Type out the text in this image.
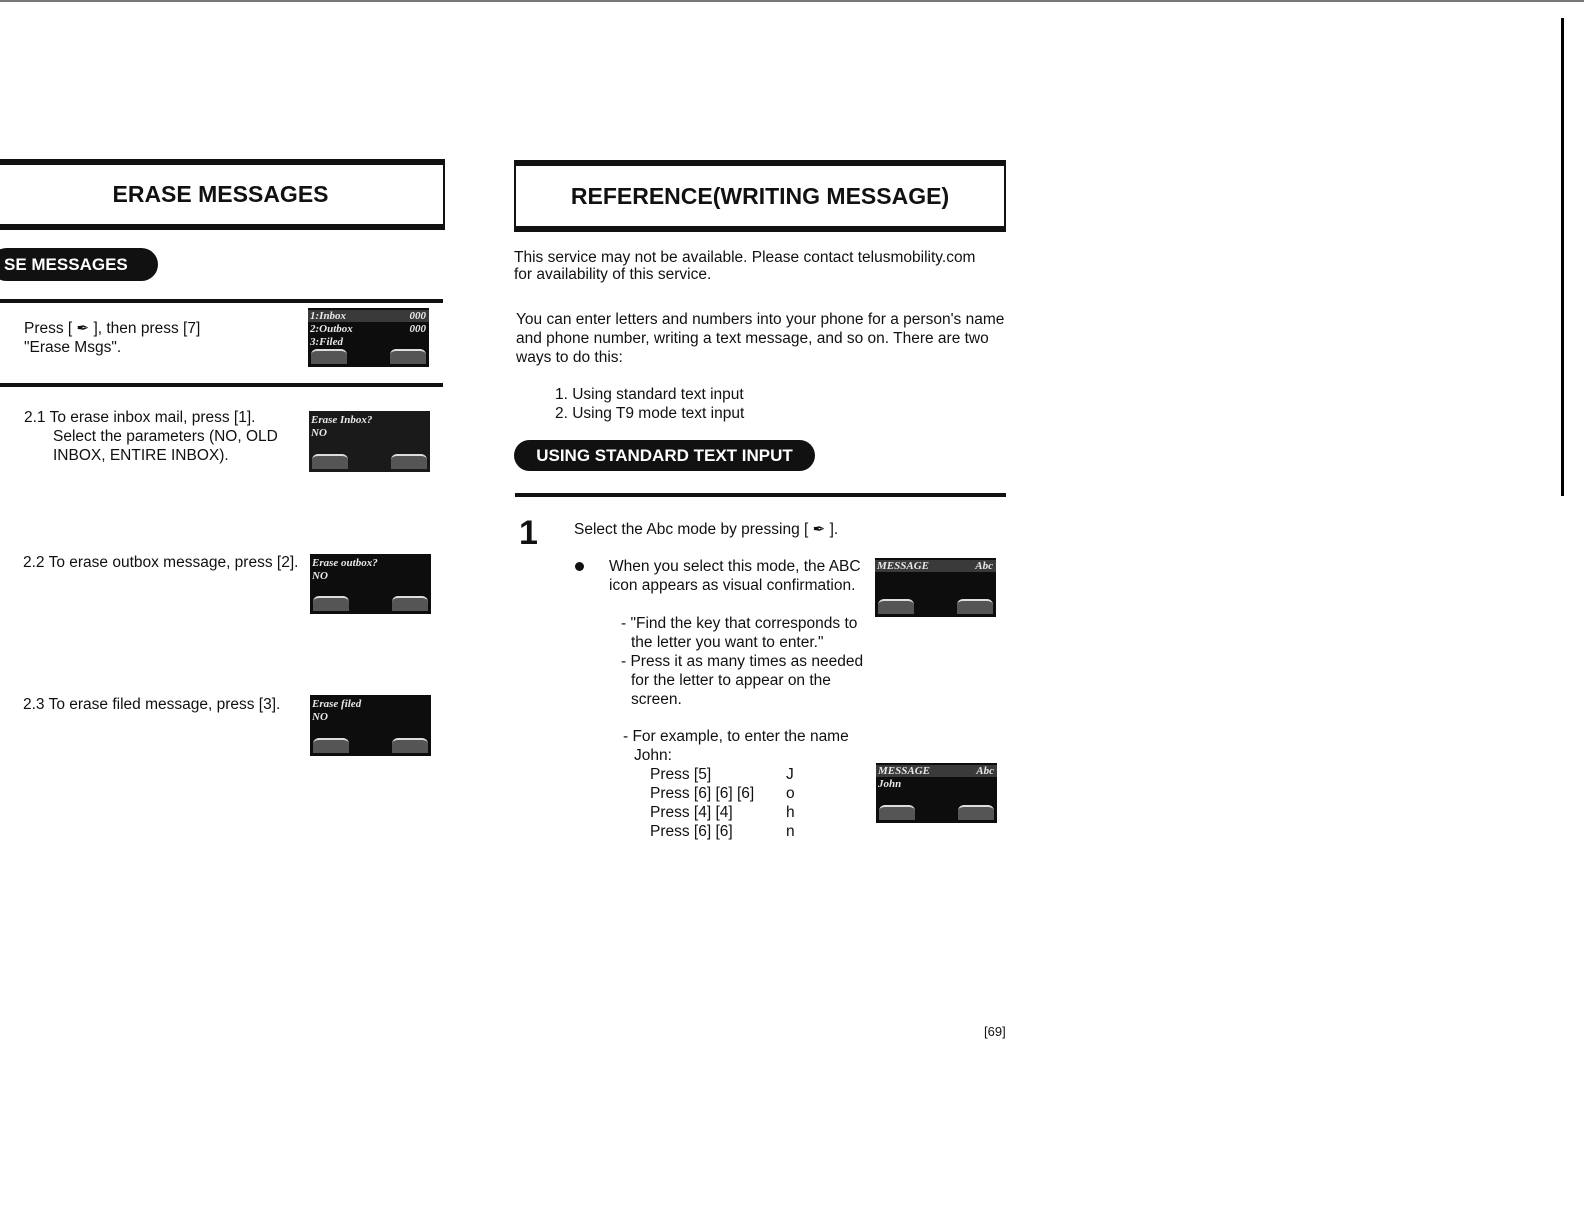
ERASE MESSAGES
SE MESSAGES
Press [ ✒ ], then press [7]
"Erase Msgs".
1:Inbox	000
2:Outbox	000
3:Filed
2.1 To erase inbox mail, press [1].
Select the parameters (NO, OLD
INBOX, ENTIRE INBOX).
Erase Inbox?
NO
2.2 To erase outbox message, press [2]. Erase outbox?
NO
2.3 To erase filed message, press [3].	Erase filed
NO
REFERENCE(WRITING MESSAGE)
This service may not be available. Please contact telusmobility.com
for availability of this service.
You can enter letters and numbers into your phone for a person's name
and phone number, writing a text message, and so on. There are two
ways to do this:
1. Using standard text input
2. Using T9 mode text input
USING STANDARD TEXT INPUT
1 Select the Abc mode by pressing [ ✒ ].
When you select this mode, the ABC
icon appears as visual confirmation.
- "Find the key that corresponds to
the letter you want to enter."
- Press it as many times as needed
for the letter to appear on the
screen.
- For example, to enter the name
John:
Press [5]	J
Press [6] [6] [6]	o
Press [4] [4]	h
Press [6] [6]	n
MESSAGE	Abc
MESSAGE	Abc
John
[69]
